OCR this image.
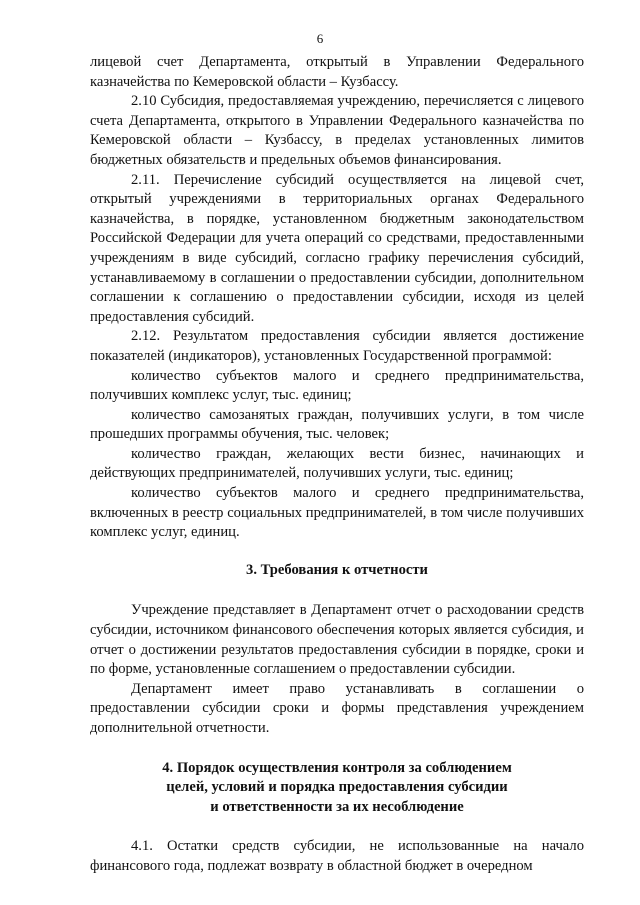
6

лицевой счет Департамента, открытый в Управлении Федерального казначейства по Кемеровской области – Кузбассу.

2.10 Субсидия, предоставляемая учреждению, перечисляется с лицевого счета Департамента, открытого в Управлении Федерального казначейства по Кемеровской области – Кузбассу, в пределах установленных лимитов бюджетных обязательств и предельных объемов финансирования.

2.11. Перечисление субсидий осуществляется на лицевой счет, открытый учреждениями в территориальных органах Федерального казначейства, в порядке, установленном бюджетным законодательством Российской Федерации для учета операций со средствами, предоставленными учреждениям в виде субсидий, согласно графику перечисления субсидий, устанавливаемому в соглашении о предоставлении субсидии, дополнительном соглашении к соглашению о предоставлении субсидии, исходя из целей предоставления субсидий.

2.12. Результатом предоставления субсидии является достижение показателей (индикаторов), установленных Государственной программой:

количество субъектов малого и среднего предпринимательства, получивших комплекс услуг, тыс. единиц;

количество самозанятых граждан, получивших услуги, в том числе прошедших программы обучения, тыс. человек;

количество граждан, желающих вести бизнес, начинающих и действующих предпринимателей, получивших услуги, тыс. единиц;

количество субъектов малого и среднего предпринимательства, включенных в реестр социальных предпринимателей, в том числе получивших комплекс услуг, единиц.

3. Требования к отчетности

Учреждение представляет в Департамент отчет о расходовании средств субсидии, источником финансового обеспечения которых является субсидия, и отчет о достижении результатов предоставления субсидии в порядке, сроки и по форме, установленные соглашением о предоставлении субсидии.

Департамент имеет право устанавливать в соглашении о предоставлении субсидии сроки и формы представления учреждением дополнительной отчетности.

4. Порядок осуществления контроля за соблюдением

целей, условий и порядка предоставления субсидии

и ответственности за их несоблюдение

4.1. Остатки средств субсидии, не использованные на начало финансового года, подлежат возврату в областной бюджет в очередном
